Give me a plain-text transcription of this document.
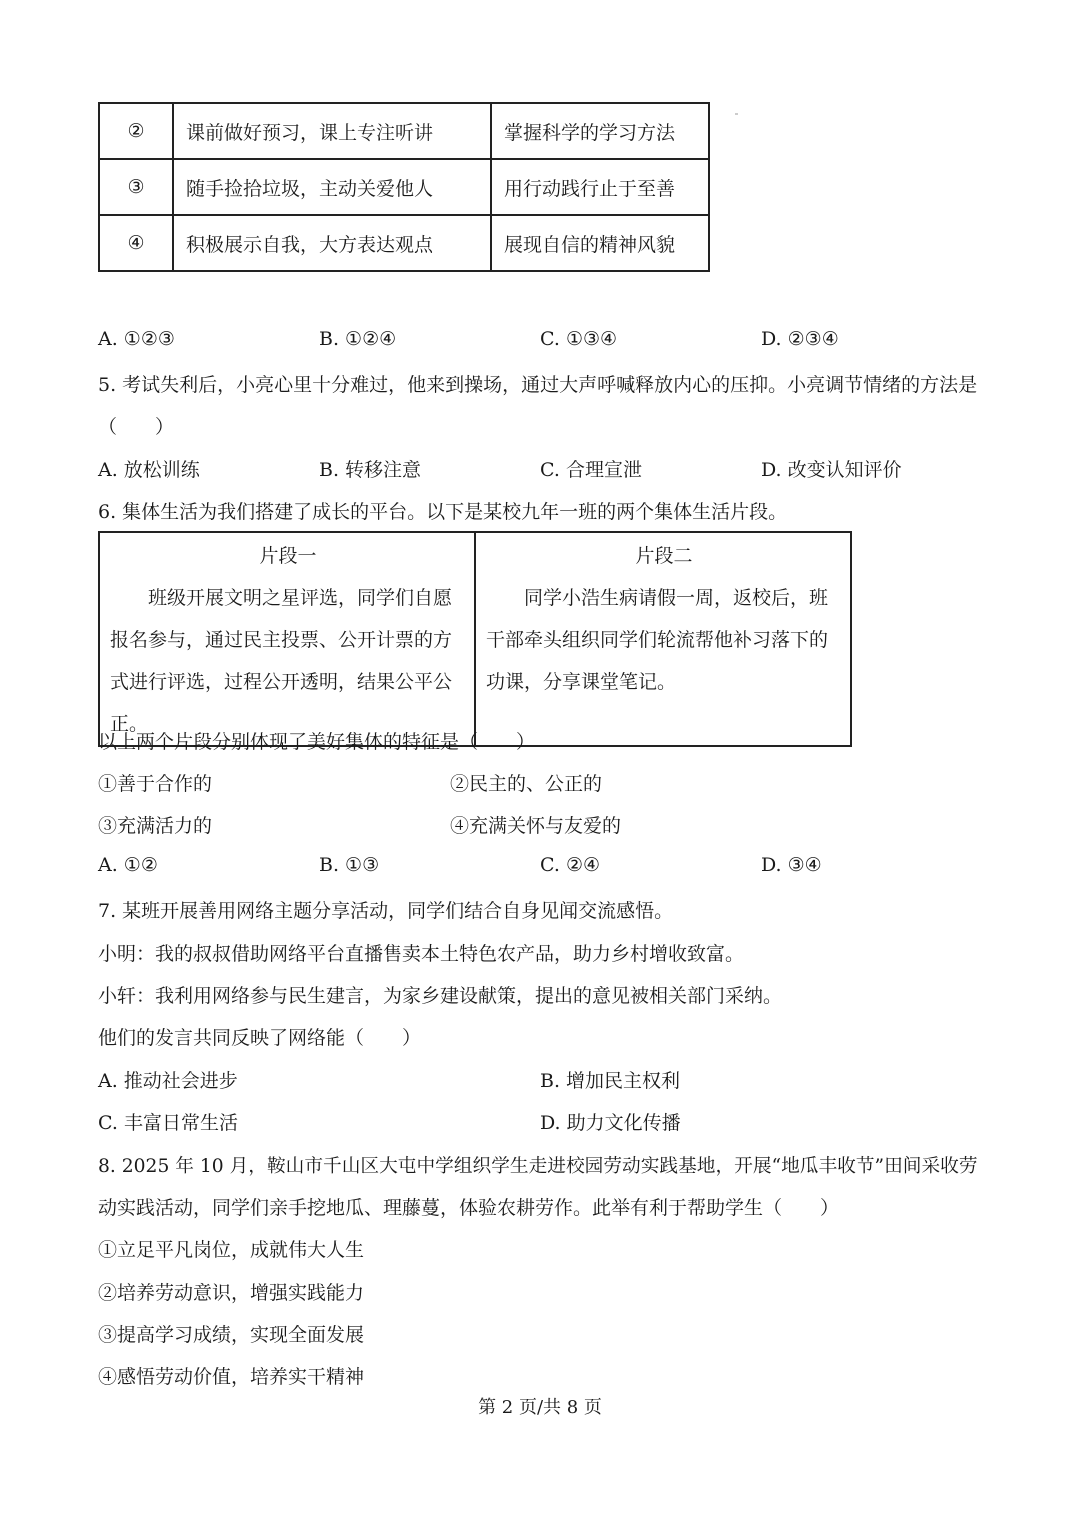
②	课前做好预习，课上专注听讲	掌握科学的学习方法
③	随手捡拾垃圾，主动关爱他人	用行动践行止于至善
④	积极展示自我，大方表达观点	展现自信的精神风貌
A. ①②③	B. ①②④	C. ①③④	D. ②③④
5. 考试失利后，小亮心里十分难过，他来到操场，通过大声呼喊释放内心的压抑。小亮调节情绪的方法是
（　　）
A. 放松训练	B. 转移注意	C. 合理宣泄	D. 改变认知评价
6. 集体生活为我们搭建了成长的平台。以下是某校九年一班的两个集体生活片段。
片段一
班级开展文明之星评选，同学们自愿报名参与，通过民主投票、公开计票的方式进行评选，过程公开透明，结果公平公正。

片段二
同学小浩生病请假一周，返校后，班干部牵头组织同学们轮流帮他补习落下的功课，分享课堂笔记。
以上两个片段分别体现了美好集体的特征是（　　）
①善于合作的	②民主的、公正的
③充满活力的	④充满关怀与友爱的
A. ①②	B. ①③	C. ②④	D. ③④
7. 某班开展善用网络主题分享活动，同学们结合自身见闻交流感悟。
小明：我的叔叔借助网络平台直播售卖本土特色农产品，助力乡村增收致富。
小轩：我利用网络参与民生建言，为家乡建设献策，提出的意见被相关部门采纳。
他们的发言共同反映了网络能（　　）
A. 推动社会进步	B. 增加民主权利
C. 丰富日常生活	D. 助力文化传播
8. 2025 年 10 月，鞍山市千山区大屯中学组织学生走进校园劳动实践基地，开展“地瓜丰收节”田间采收劳
动实践活动，同学们亲手挖地瓜、理藤蔓，体验农耕劳作。此举有利于帮助学生（　　）
①立足平凡岗位，成就伟大人生
②培养劳动意识，增强实践能力
③提高学习成绩，实现全面发展
④感悟劳动价值，培养实干精神
第 2 页/共 8 页
